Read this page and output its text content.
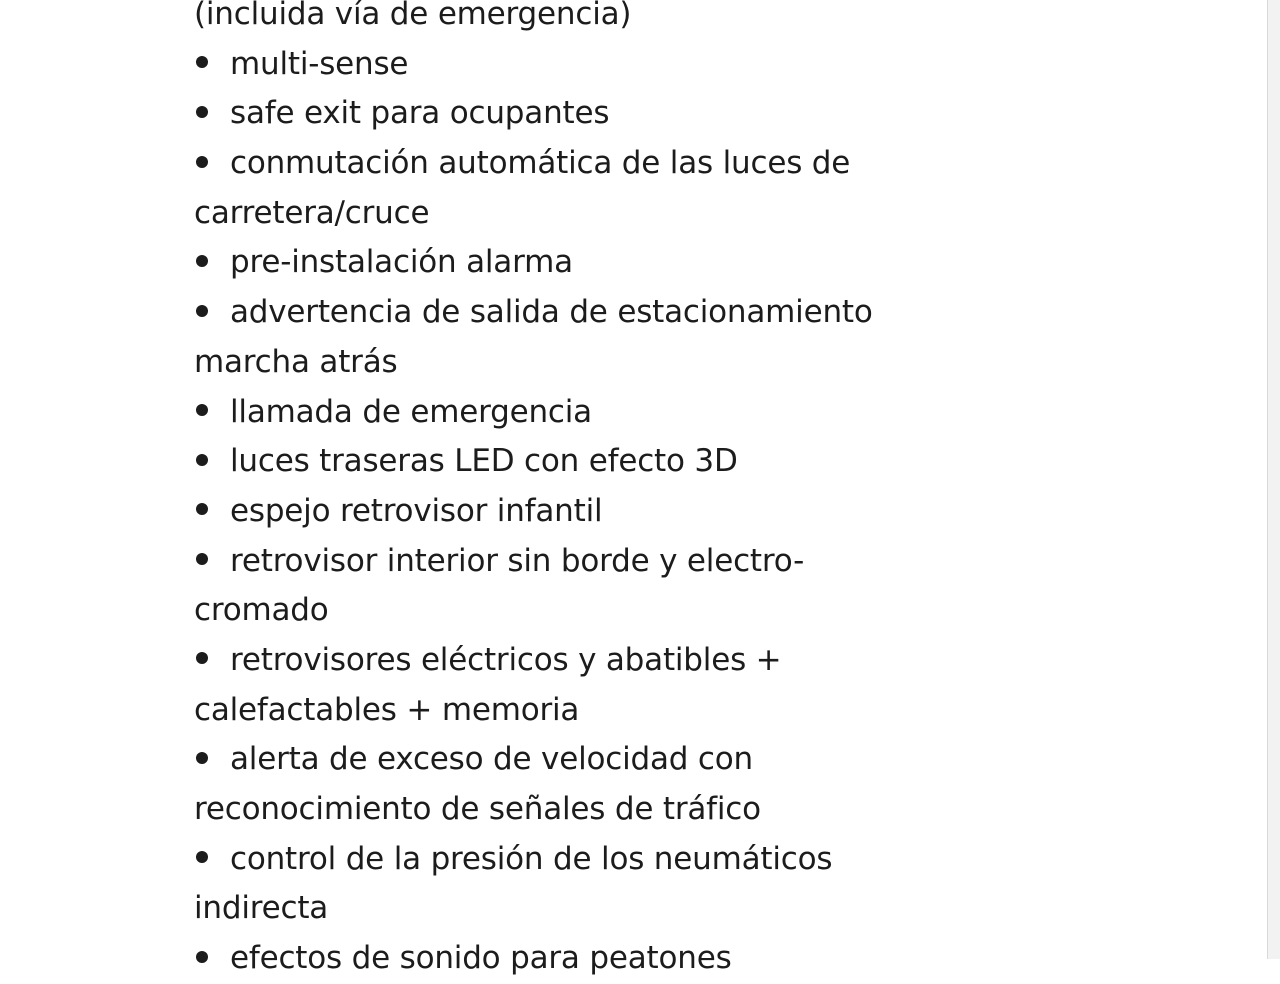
(incluida vía de emergencia)
multi-sense
safe exit para ocupantes
conmutación automática de las luces de
carretera/cruce
pre-instalación alarma
advertencia de salida de estacionamiento
marcha atrás
llamada de emergencia
luces traseras LED con efecto 3D
espejo retrovisor infantil
retrovisor interior sin borde y electro-
cromado
retrovisores eléctricos y abatibles +
calefactables + memoria
alerta de exceso de velocidad con
reconocimiento de señales de tráfico
control de la presión de los neumáticos
indirecta
efectos de sonido para peatones
